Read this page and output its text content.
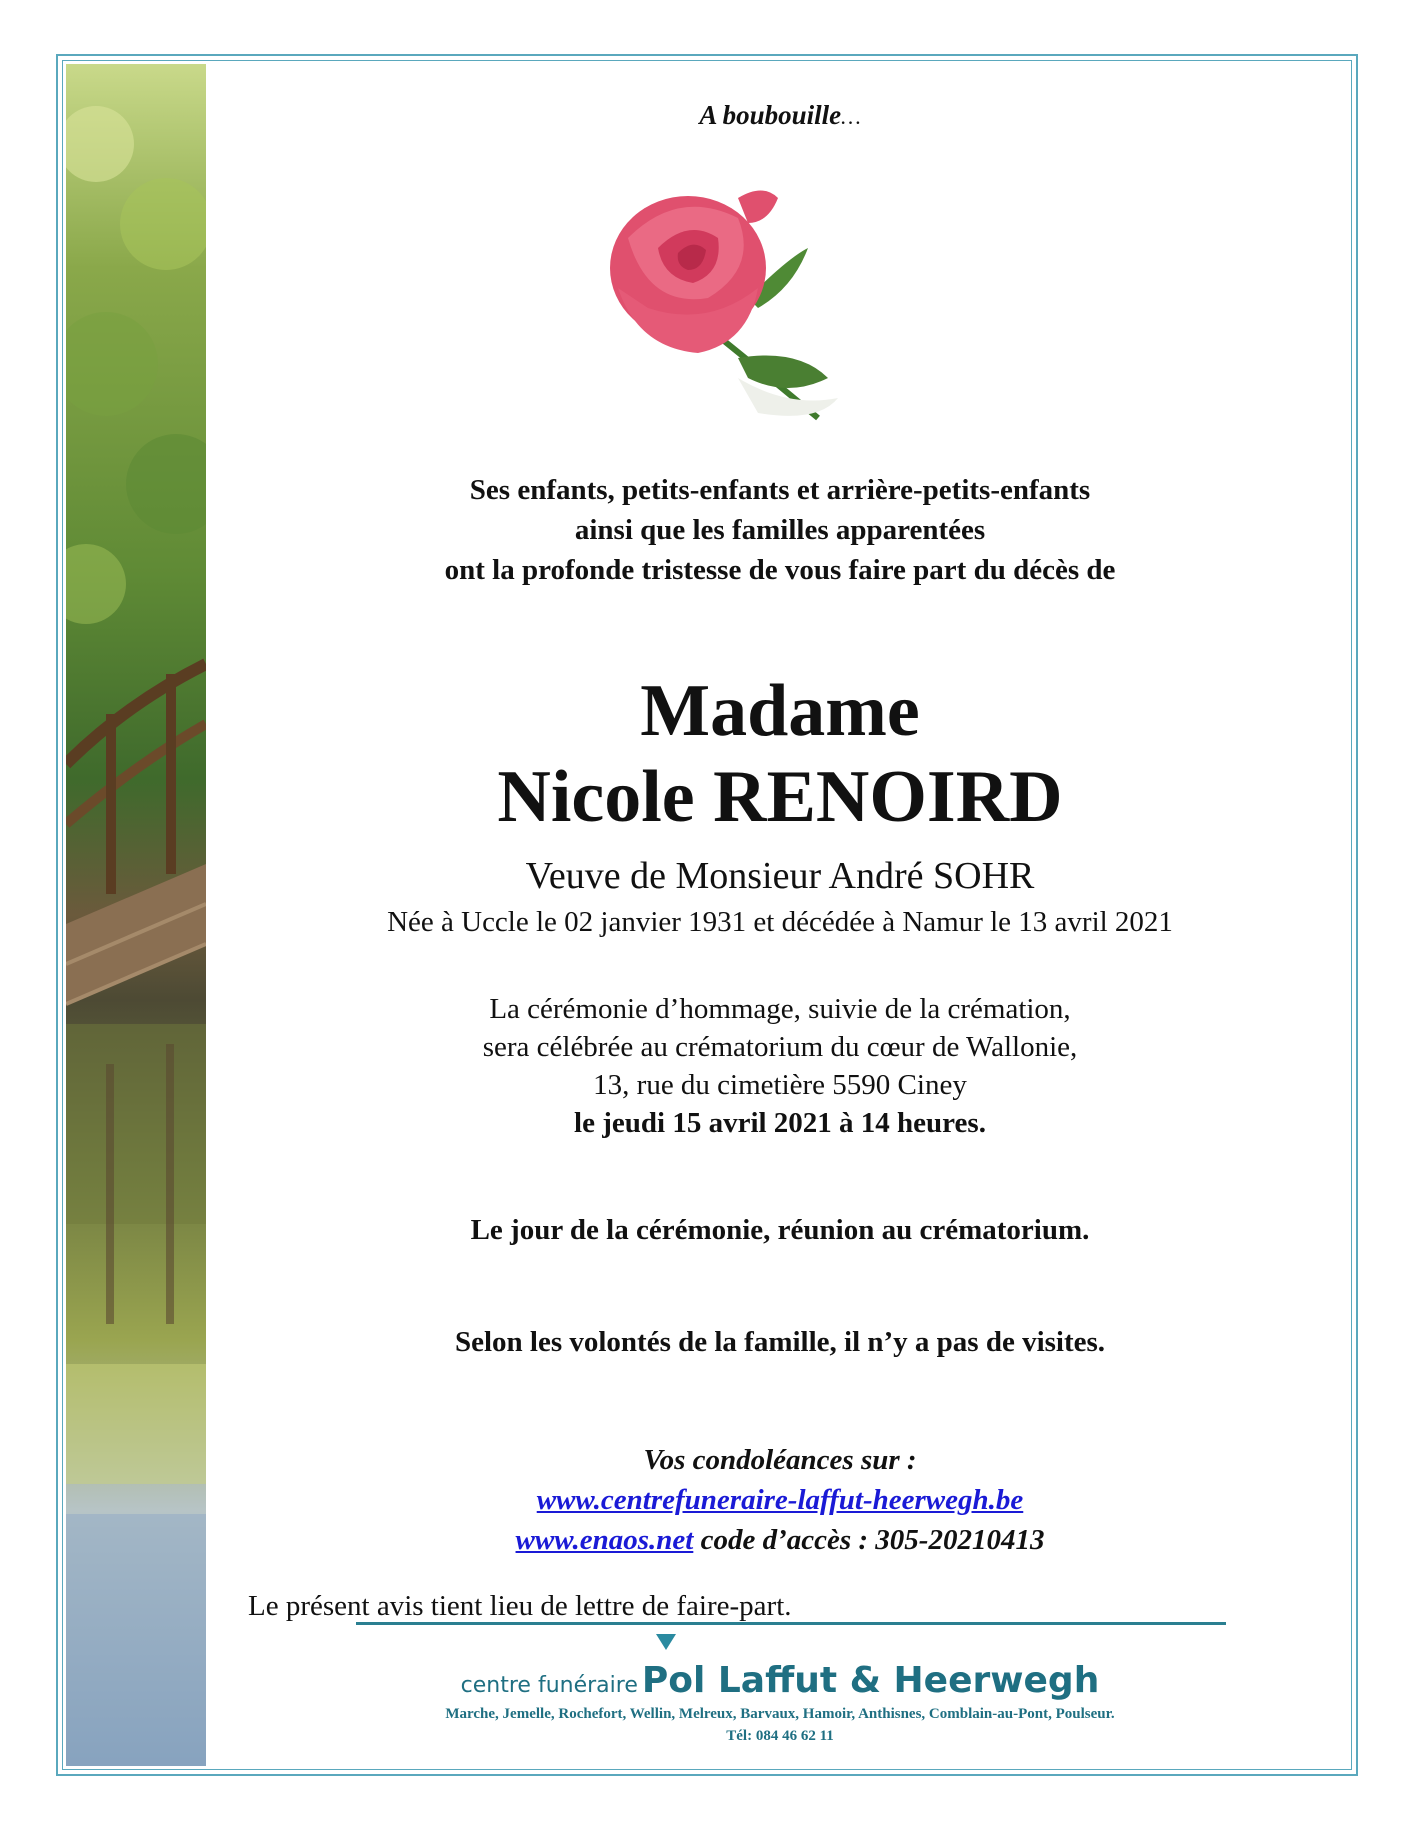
A boubouille…
Ses enfants, petits-enfants et arrière-petits-enfants
ainsi que les familles apparentées
ont la profonde tristesse de vous faire part du décès de
Madame
Nicole RENOIRD
Veuve de Monsieur André SOHR
Née à Uccle le 02 janvier 1931 et décédée à Namur le 13 avril 2021
La cérémonie d’hommage, suivie de la crémation,
sera célébrée au crématorium du cœur de Wallonie,
13, rue du cimetière 5590 Ciney
le jeudi 15 avril 2021 à 14 heures.
Le jour de la cérémonie, réunion au crématorium.
Selon les volontés de la famille, il n’y a pas de visites.
Vos condoléances sur :
www.centrefuneraire-laffut-heerwegh.be
www.enaos.net code d’accès : 305-20210413
Le présent avis tient lieu de lettre de faire-part.
centre funéraire Pol Laffut & Heerwegh
Marche, Jemelle, Rochefort, Wellin, Melreux, Barvaux, Hamoir, Anthisnes, Comblain-au-Pont, Poulseur.
Tél: 084 46 62 11
